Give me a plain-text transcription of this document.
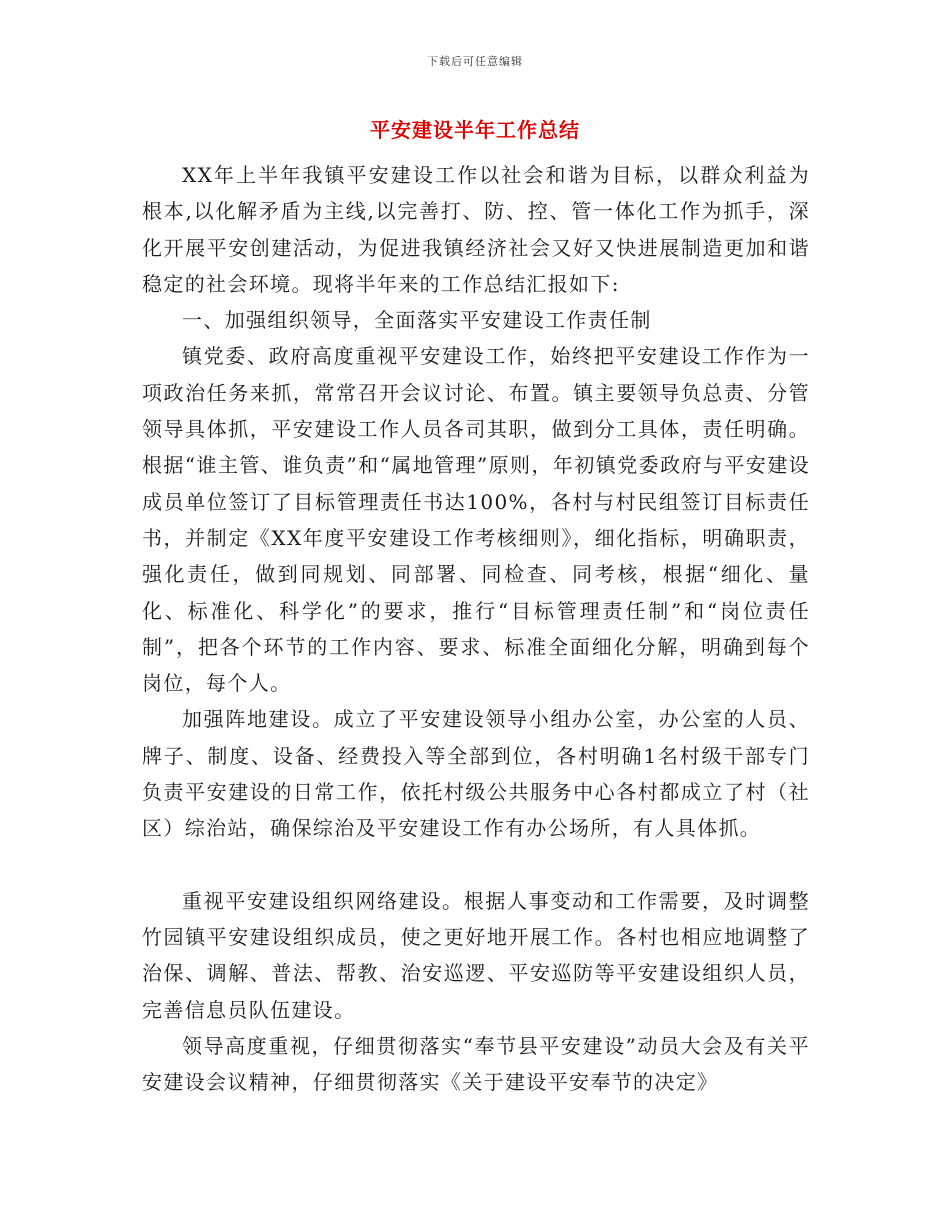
下载后可任意编辑
平安建设半年工作总结

XX年上半年我镇平安建设工作以社会和谐为目标，以群众利益为根本,以化解矛盾为主线,以完善打、防、控、管一体化工作为抓手，深化开展平安创建活动，为促进我镇经济社会又好又快进展制造更加和谐稳定的社会环境。现将半年来的工作总结汇报如下:

一、加强组织领导，全面落实平安建设工作责任制

镇党委、政府高度重视平安建设工作，始终把平安建设工作作为一项政治任务来抓，常常召开会议讨论、布置。镇主要领导负总责、分管领导具体抓，平安建设工作人员各司其职，做到分工具体，责任明确。根据“谁主管、谁负责”和“属地管理”原则，年初镇党委政府与平安建设成员单位签订了目标管理责任书达100%，各村与村民组签订目标责任书，并制定《XX年度平安建设工作考核细则》，细化指标，明确职责，强化责任，做到同规划、同部署、同检查、同考核，根据“细化、量化、标准化、科学化”的要求，推行“目标管理责任制”和“岗位责任制”，把各个环节的工作内容、要求、标准全面细化分解，明确到每个岗位，每个人。

加强阵地建设。成立了平安建设领导小组办公室，办公室的人员、牌子、制度、设备、经费投入等全部到位，各村明确1名村级干部专门负责平安建设的日常工作，依托村级公共服务中心各村都成立了村（社区）综治站，确保综治及平安建设工作有办公场所，有人具体抓。

重视平安建设组织网络建设。根据人事变动和工作需要，及时调整竹园镇平安建设组织成员，使之更好地开展工作。各村也相应地调整了治保、调解、普法、帮教、治安巡逻、平安巡防等平安建设组织人员，完善信息员队伍建设。

领导高度重视，仔细贯彻落实“奉节县平安建设”动员大会及有关平安建设会议精神，仔细贯彻落实《关于建设平安奉节的决定》
